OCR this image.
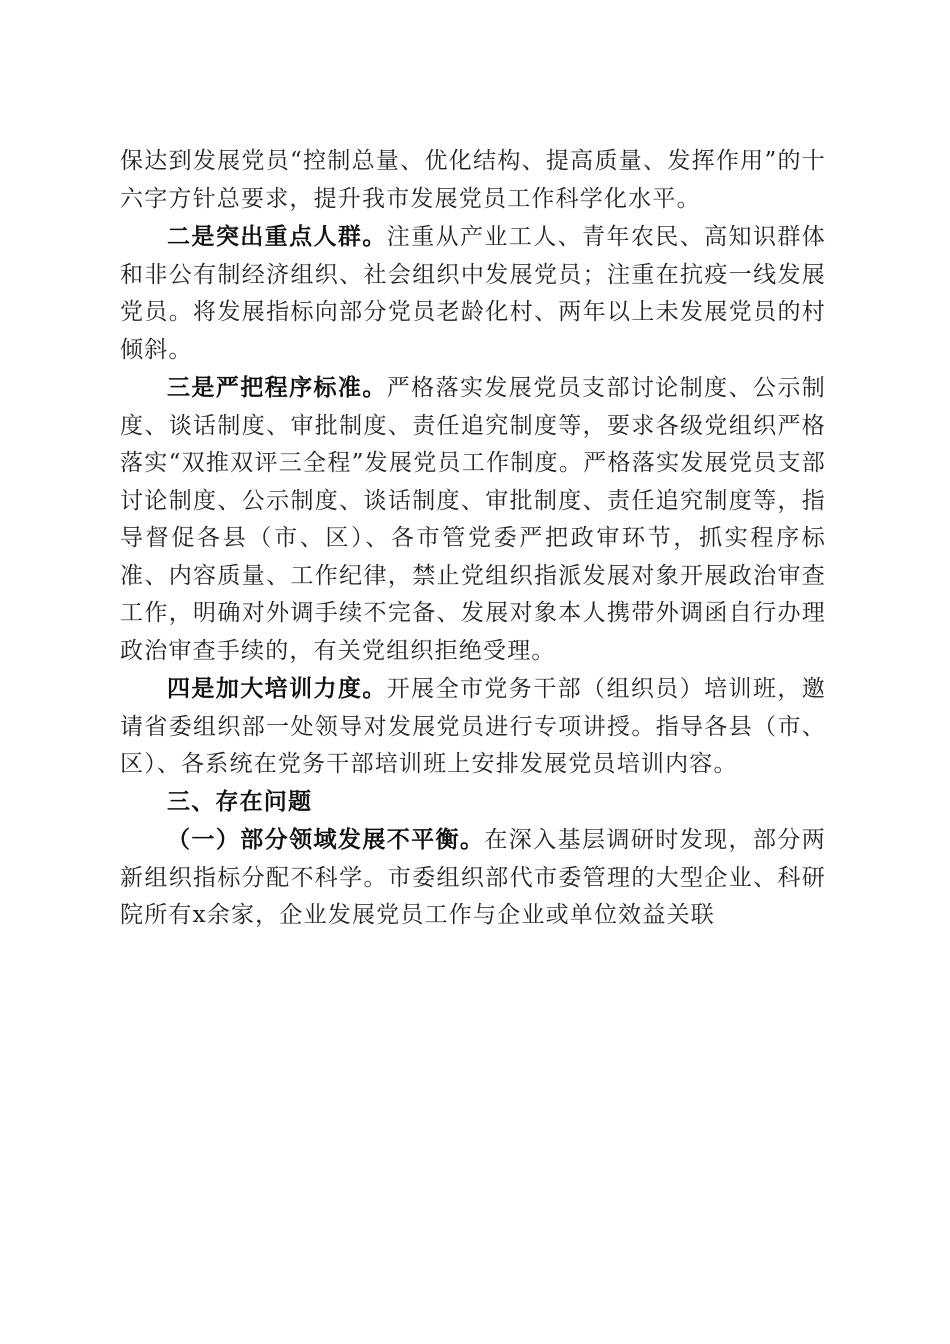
保达到发展党员“控制总量、优化结构、提高质量、发挥作用”的十六字方针总要求，提升我市发展党员工作科学化水平。

二是突出重点人群。注重从产业工人、青年农民、高知识群体和非公有制经济组织、社会组织中发展党员；注重在抗疫一线发展党员。将发展指标向部分党员老龄化村、两年以上未发展党员的村倾斜。

三是严把程序标准。严格落实发展党员支部讨论制度、公示制度、谈话制度、审批制度、责任追究制度等，要求各级党组织严格落实“双推双评三全程”发展党员工作制度。严格落实发展党员支部讨论制度、公示制度、谈话制度、审批制度、责任追究制度等，指导督促各县（市、区）、各市管党委严把政审环节，抓实程序标准、内容质量、工作纪律，禁止党组织指派发展对象开展政治审查工作，明确对外调手续不完备、发展对象本人携带外调函自行办理政治审查手续的，有关党组织拒绝受理。

四是加大培训力度。开展全市党务干部（组织员）培训班，邀请省委组织部一处领导对发展党员进行专项讲授。指导各县（市、区）、各系统在党务干部培训班上安排发展党员培训内容。

三、存在问题

（一）部分领域发展不平衡。在深入基层调研时发现，部分两新组织指标分配不科学。市委组织部代市委管理的大型企业、科研院所有x余家，企业发展党员工作与企业或单位效益关联
